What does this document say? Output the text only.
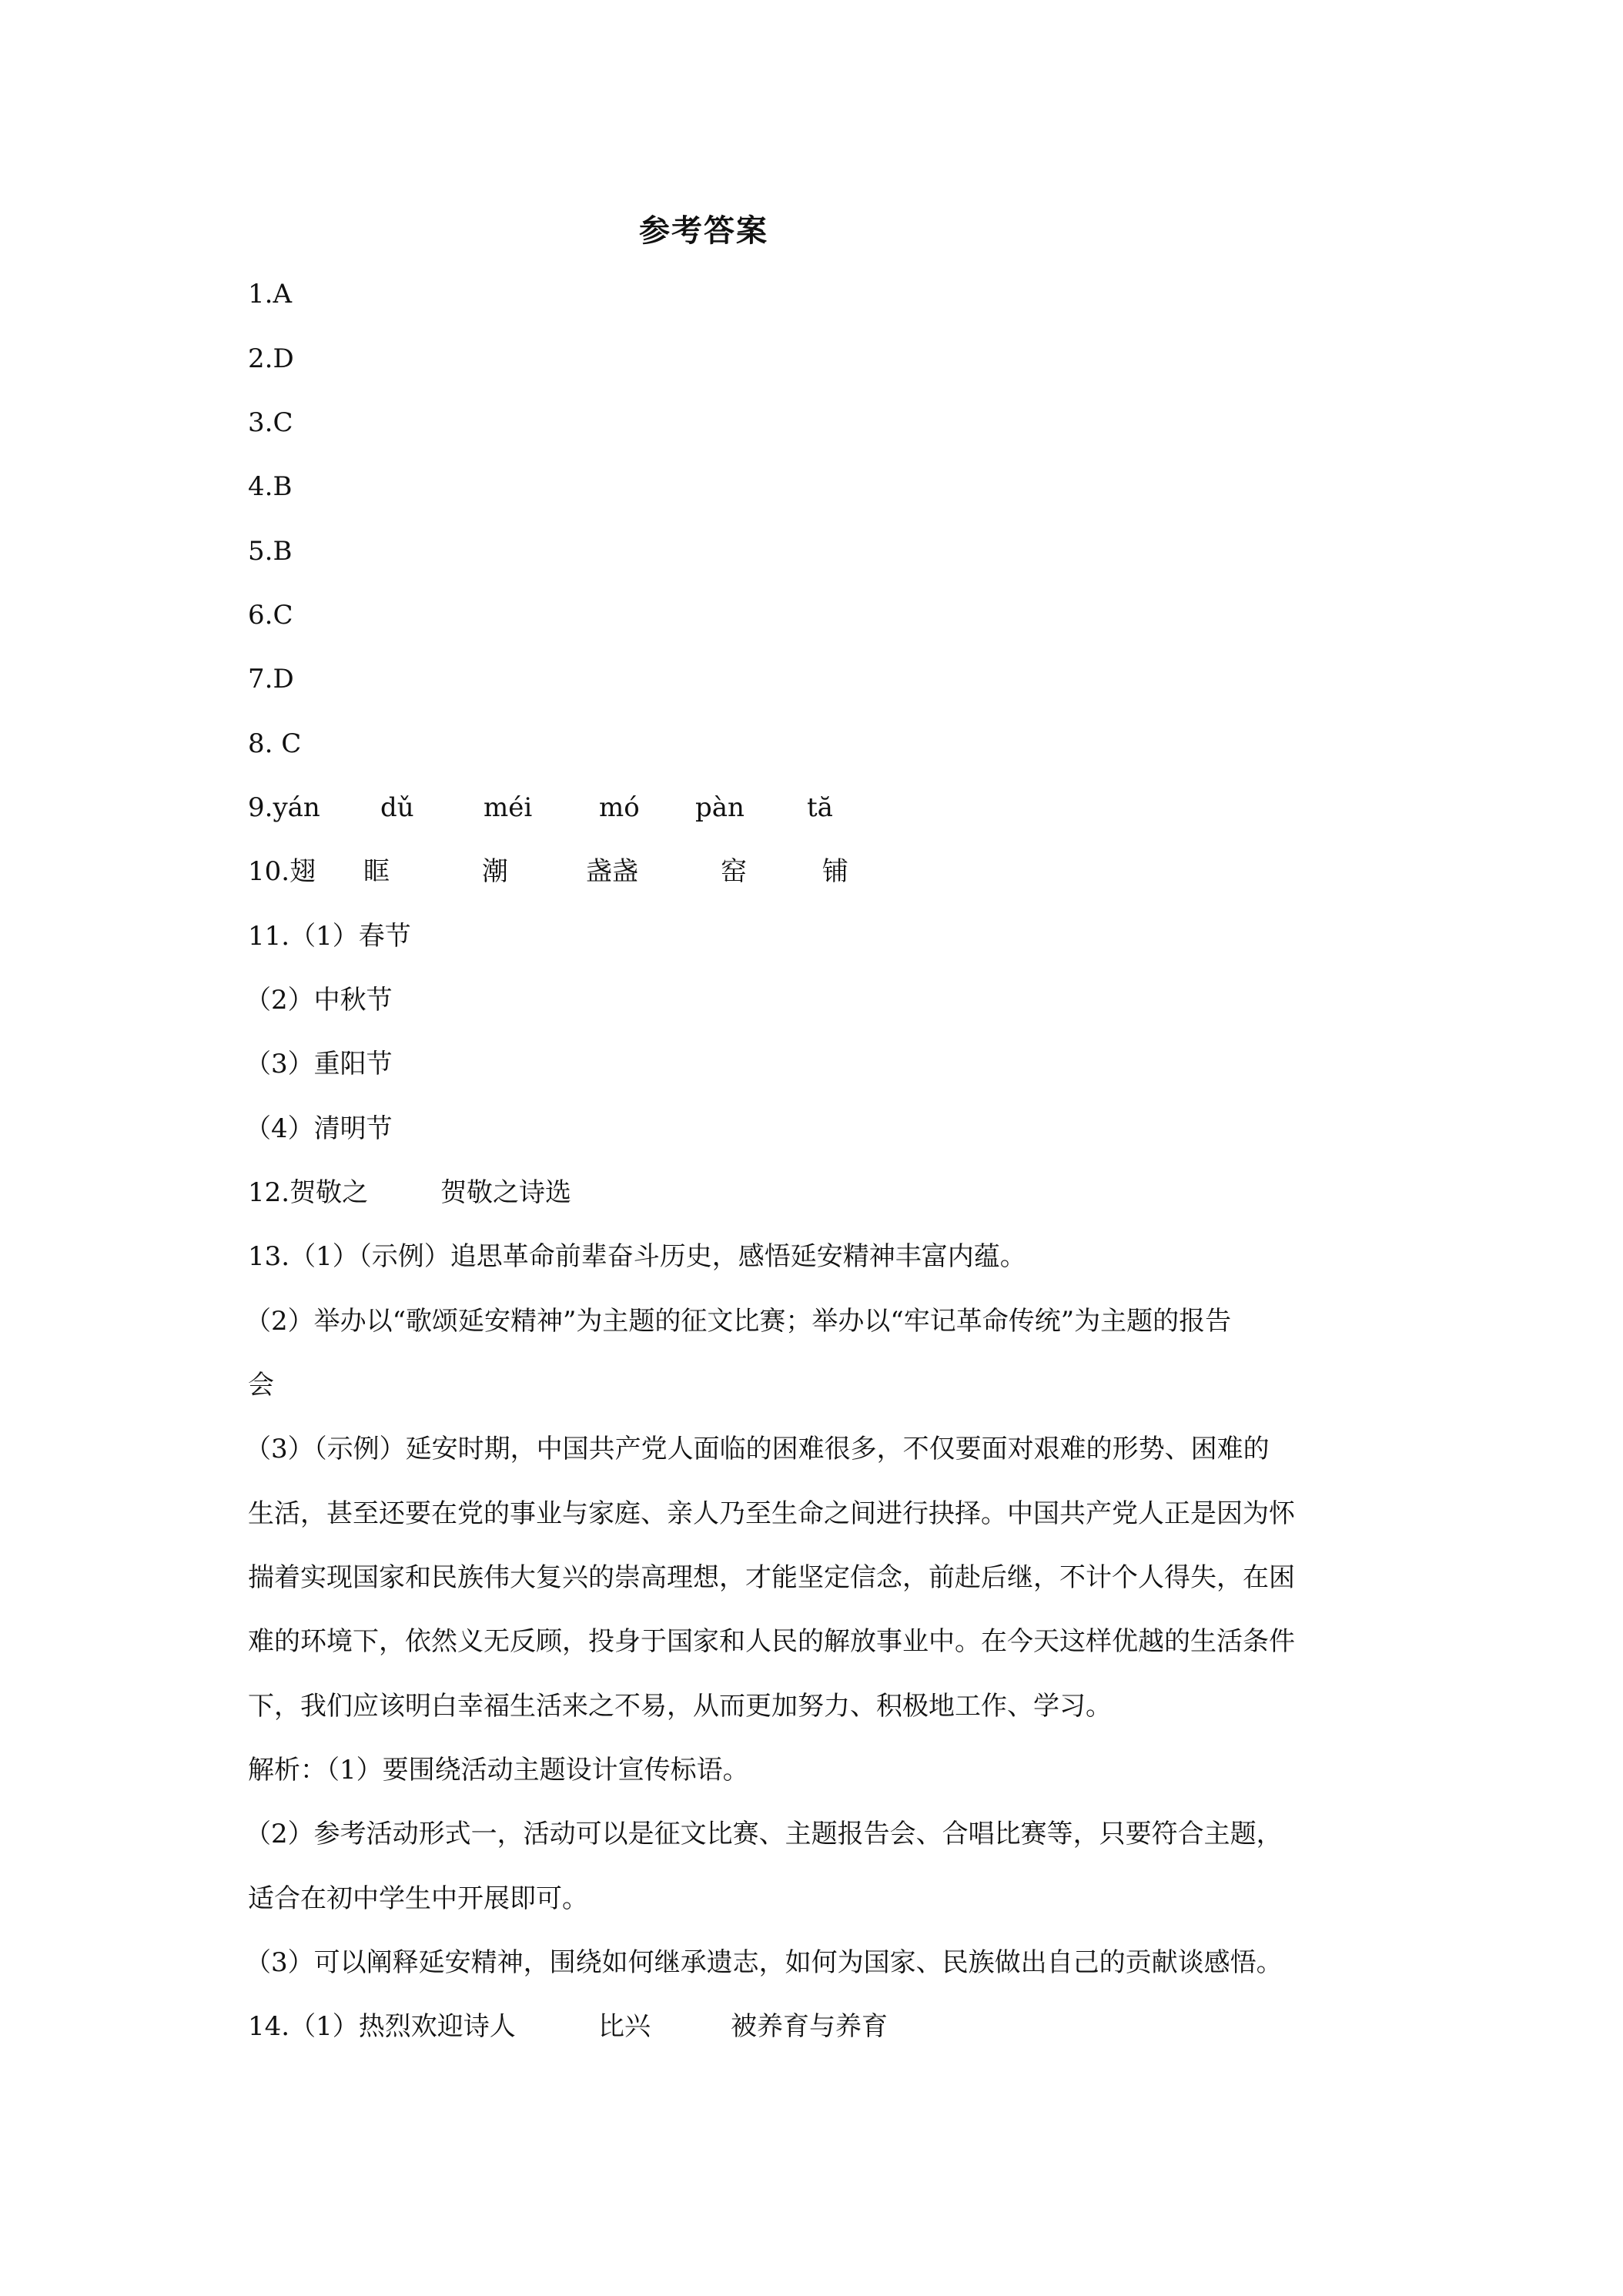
参考答案
1.A
2.D
3.C
4.B
5.B
6.C
7.D
8. C
9.yán dǔ	méi	mó pàn tă
10.翅 眶	潮	盏盏	窑	铺
11.（1）春节
（2）中秋节
（3）重阳节
（4）清明节
12.贺敬之	贺敬之诗选
13.（1）（示例）追思革命前辈奋斗历史，感悟延安精神丰富内蕴。
（2）举办以“歌颂延安精神”为主题的征文比赛；举办以“牢记革命传统”为主题的报告
会
（3）（示例）延安时期，中国共产党人面临的困难很多，不仅要面对艰难的形势、困难的
生活，甚至还要在党的事业与家庭、亲人乃至生命之间进行抉择。中国共产党人正是因为怀
揣着实现国家和民族伟大复兴的崇高理想，才能坚定信念，前赴后继，不计个人得失，在困
难的环境下，依然义无反顾，投身于国家和人民的解放事业中。在今天这样优越的生活条件
下，我们应该明白幸福生活来之不易，从而更加努力、积极地工作、学习。
解析：（1）要围绕活动主题设计宣传标语。
（2）参考活动形式一，活动可以是征文比赛、主题报告会、合唱比赛等，只要符合主题，
适合在初中学生中开展即可。
（3）可以阐释延安精神，围绕如何继承遗志，如何为国家、民族做出自己的贡献谈感悟。
14.（1）热烈欢迎诗人	比兴	被养育与养育
